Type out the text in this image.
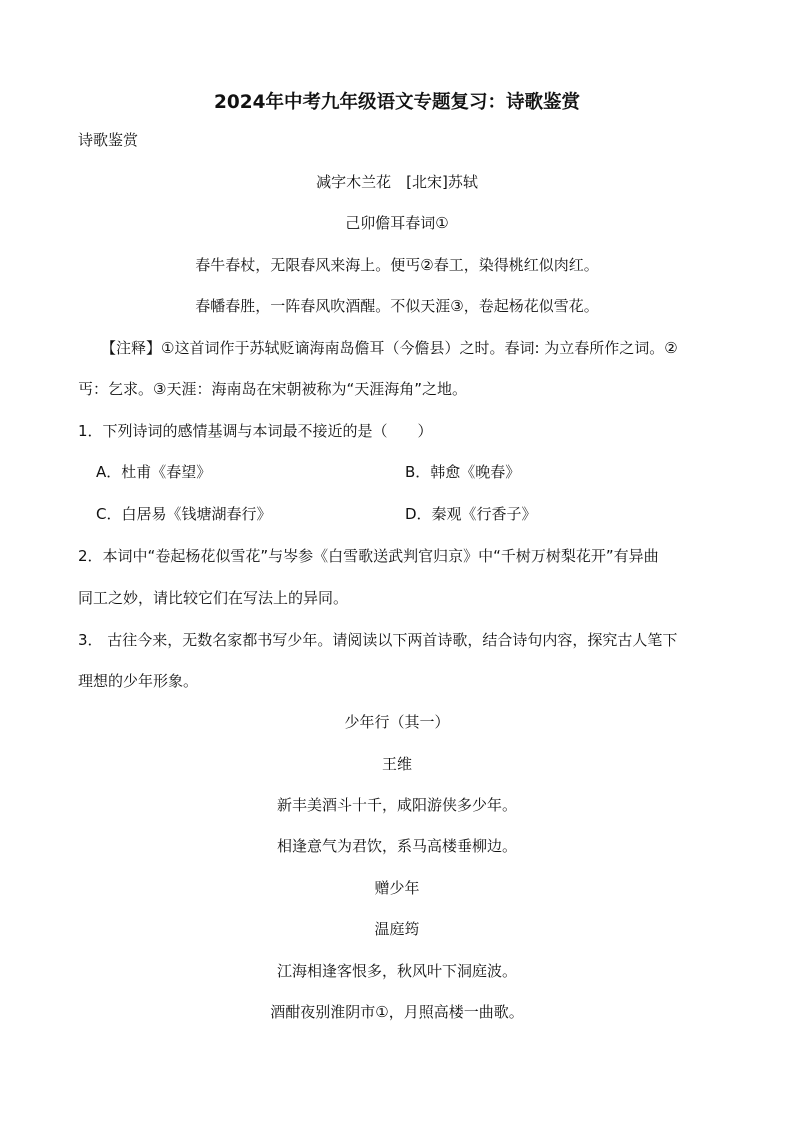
2024年中考九年级语文专题复习：诗歌鉴赏
诗歌鉴赏
减字木兰花　[北宋]苏轼
己卯儋耳春词①
春牛春杖，无限春风来海上。便丐②春工，染得桃红似肉红。
春幡春胜，一阵春风吹酒醒。不似天涯③，卷起杨花似雪花。
【注释】①这首词作于苏轼贬谪海南岛儋耳（今儋县）之时。春词: 为立春所作之词。②
丐：乞求。③天涯：海南岛在宋朝被称为“天涯海角”之地。
1．下列诗词的感情基调与本词最不接近的是（　　）
A．杜甫《春望》	B．韩愈《晚春》
C．白居易《钱塘湖春行》	D．秦观《行香子》
2．本词中“卷起杨花似雪花”与岑参《白雪歌送武判官归京》中“千树万树梨花开”有异曲
同工之妙，请比较它们在写法上的异同。
3． 古往今来，无数名家都书写少年。请阅读以下两首诗歌，结合诗句内容，探究古人笔下
理想的少年形象。
少年行（其一）
王维
新丰美酒斗十千，咸阳游侠多少年。
相逢意气为君饮，系马高楼垂柳边。
赠少年
温庭筠
江海相逢客恨多，秋风叶下洞庭波。
酒酣夜别淮阴市①，月照高楼一曲歌。
